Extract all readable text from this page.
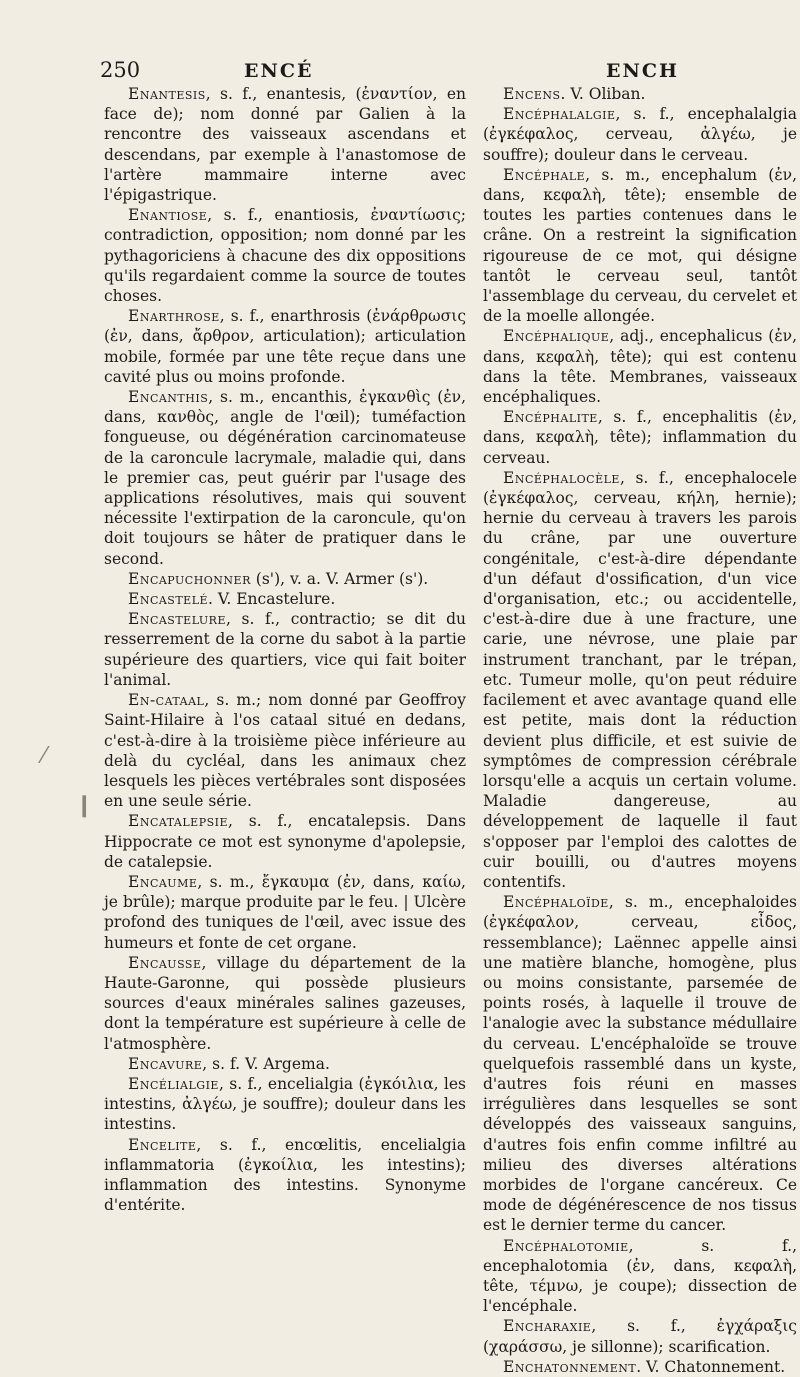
250	ENCÉ	ENCH

Enantesis, s. f., enantesis, (ἐναντίον, en face de); nom donné par Galien à la rencontre des vaisseaux ascendans et descendans, par exemple à l'anastomose de l'artère mammaire interne avec l'épigastrique.

Enantiose, s. f., enantiosis, ἐναντίωσις; contradiction, opposition; nom donné par les pythagoriciens à chacune des dix oppositions qu'ils regardaient comme la source de toutes choses.

Enarthrose, s. f., enarthrosis (ἐνάρθρωσις (ἐν, dans, ἄρθρον, articulation); articulation mobile, formée par une tête reçue dans une cavité plus ou moins profonde.

Encanthis, s. m., encanthis, ἐγκανθὶς (ἐν, dans, κανθὸς, angle de l'œil); tuméfaction fongueuse, ou dégénération carcinomateuse de la caroncule lacrymale, maladie qui, dans le premier cas, peut guérir par l'usage des applications résolutives, mais qui souvent nécessite l'extirpation de la caroncule, qu'on doit toujours se hâter de pratiquer dans le second.

Encapuchonner (s'), v. a. V. Armer (s').

Encastelé. V. Encastelure.

Encastelure, s. f., contractio; se dit du resserrement de la corne du sabot à la partie supérieure des quartiers, vice qui fait boiter l'animal.

En-cataal, s. m.; nom donné par Geoffroy Saint-Hilaire à l'os cataal situé en dedans, c'est-à-dire à la troisième pièce inférieure au delà du cycléal, dans les animaux chez lesquels les pièces vertébrales sont disposées en une seule série.

Encatalepsie, s. f., encatalepsis. Dans Hippocrate ce mot est synonyme d'apolepsie, de catalepsie.

Encaume, s. m., ἔγκαυμα (ἐν, dans, καίω, je brûle); marque produite par le feu. | Ulcère profond des tuniques de l'œil, avec issue des humeurs et fonte de cet organe.

Encausse, village du département de la Haute-Garonne, qui possède plusieurs sources d'eaux minérales salines gazeuses, dont la température est supérieure à celle de l'atmosphère.

Encavure, s. f. V. Argema.

Encélialgie, s. f., encelialgia (ἐγκόιλια, les intestins, ἀλγέω, je souffre); douleur dans les intestins.

Encelite, s. f., encœlitis, encelialgia inflammatoria (ἐγκοίλια, les intestins); inflammation des intestins. Synonyme d'entérite.

Encens. V. Oliban.

Encéphalalgie, s. f., encephalalgia (ἐγκέφαλος, cerveau, ἀλγέω, je souffre); douleur dans le cerveau.

Encéphale, s. m., encephalum (ἐν, dans, κεφαλὴ, tête); ensemble de toutes les parties contenues dans le crâne. On a restreint la signification rigoureuse de ce mot, qui désigne tantôt le cerveau seul, tantôt l'assemblage du cerveau, du cervelet et de la moelle allongée.

Encéphalique, adj., encephalicus (ἐν, dans, κεφαλὴ, tête); qui est contenu dans la tête. Membranes, vaisseaux encéphaliques.

Encéphalite, s. f., encephalitis (ἐν, dans, κεφαλὴ, tête); inflammation du cerveau.

Encéphalocèle, s. f., encephalocele (ἐγκέφαλος, cerveau, κήλη, hernie); hernie du cerveau à travers les parois du crâne, par une ouverture congénitale, c'est-à-dire dépendante d'un défaut d'ossification, d'un vice d'organisation, etc.; ou accidentelle, c'est-à-dire due à une fracture, une carie, une névrose, une plaie par instrument tranchant, par le trépan, etc. Tumeur molle, qu'on peut réduire facilement et avec avantage quand elle est petite, mais dont la réduction devient plus difficile, et est suivie de symptômes de compression cérébrale lorsqu'elle a acquis un certain volume. Maladie dangereuse, au développement de laquelle il faut s'opposer par l'emploi des calottes de cuir bouilli, ou d'autres moyens contentifs.

Encéphaloïde, s. m., encephaloides (ἐγκέφαλον, cerveau, εἶδος, ressemblance); Laënnec appelle ainsi une matière blanche, homogène, plus ou moins consistante, parsemée de points rosés, à laquelle il trouve de l'analogie avec la substance médullaire du cerveau. L'encéphaloïde se trouve quelquefois rassemblé dans un kyste, d'autres fois réuni en masses irrégulières dans lesquelles se sont développés des vaisseaux sanguins, d'autres fois enfin comme infiltré au milieu des diverses altérations morbides de l'organe cancéreux. Ce mode de dégénérescence de nos tissus est le dernier terme du cancer.

Encéphalotomie, s. f., encephalotomia (ἐν, dans, κεφαλὴ, tête, τέμνω, je coupe); dissection de l'encéphale.

Encharaxie, s. f., ἐγχάραξις (χαράσσω, je sillonne); scarification.

Enchatonnement. V. Chatonnement.

⁄
❙
